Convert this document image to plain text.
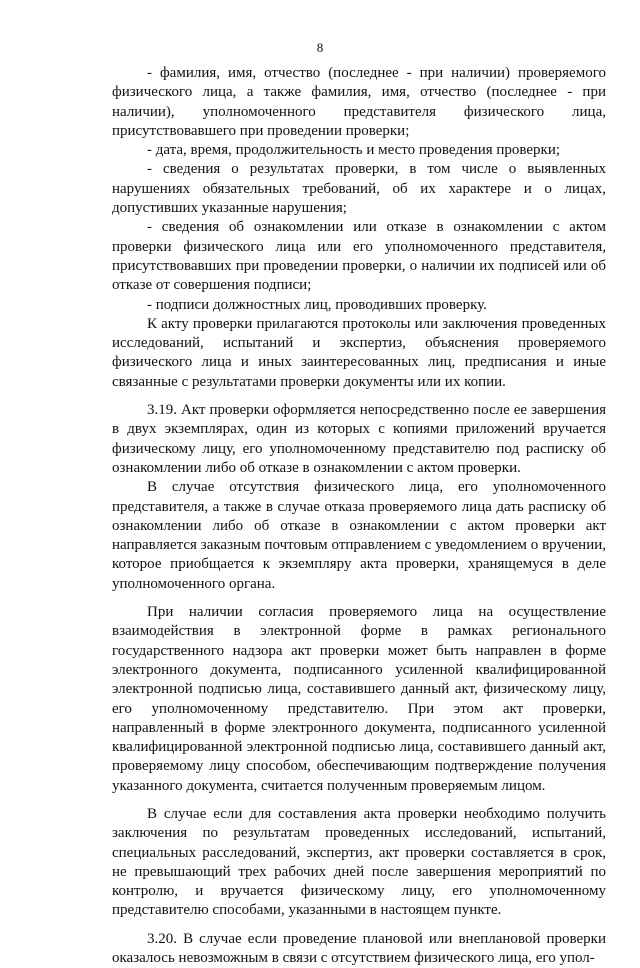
8

- фамилия, имя, отчество (последнее - при наличии) проверяемого физического лица, а также фамилия, имя, отчество (последнее - при наличии), уполномоченного представителя физического лица, присутствовавшего при проведении проверки;

- дата, время, продолжительность и место проведения проверки;

- сведения о результатах проверки, в том числе о выявленных нарушениях обязательных требований, об их характере и о лицах, допустивших указанные нарушения;

- сведения об ознакомлении или отказе в ознакомлении с актом проверки физического лица или его уполномоченного представителя, присутствовавших при проведении проверки, о наличии их подписей или об отказе от совершения подписи;

- подписи должностных лиц, проводивших проверку.

К акту проверки прилагаются протоколы или заключения проведенных исследований, испытаний и экспертиз, объяснения проверяемого физического лица и иных заинтересованных лиц, предписания и иные связанные с результатами проверки документы или их копии.

3.19. Акт проверки оформляется непосредственно после ее завершения в двух экземплярах, один из которых с копиями приложений вручается физическому лицу, его уполномоченному представителю под расписку об ознакомлении либо об отказе в ознакомлении с актом проверки.

В случае отсутствия физического лица, его уполномоченного представителя, а также в случае отказа проверяемого лица дать расписку об ознакомлении либо об отказе в ознакомлении с актом проверки акт направляется заказным почтовым отправлением с уведомлением о вручении, которое приобщается к экземпляру акта проверки, хранящемуся в деле уполномоченного органа.

При наличии согласия проверяемого лица на осуществление взаимодействия в электронной форме в рамках регионального государственного надзора акт проверки может быть направлен в форме электронного документа, подписанного усиленной квалифицированной электронной подписью лица, составившего данный акт, физическому лицу, его уполномоченному представителю. При этом акт проверки, направленный в форме электронного документа, подписанного усиленной квалифицированной электронной подписью лица, составившего данный акт, проверяемому лицу способом, обеспечивающим подтверждение получения указанного документа, считается полученным проверяемым лицом.

В случае если для составления акта проверки необходимо получить заключения по результатам проведенных исследований, испытаний, специальных расследований, экспертиз, акт проверки составляется в срок, не превышающий трех рабочих дней после завершения мероприятий по контролю, и вручается физическому лицу, его уполномоченному представителю способами, указанными в настоящем пункте.

3.20. В случае если проведение плановой или внеплановой проверки оказалось невозможным в связи с отсутствием физического лица, его упол-
